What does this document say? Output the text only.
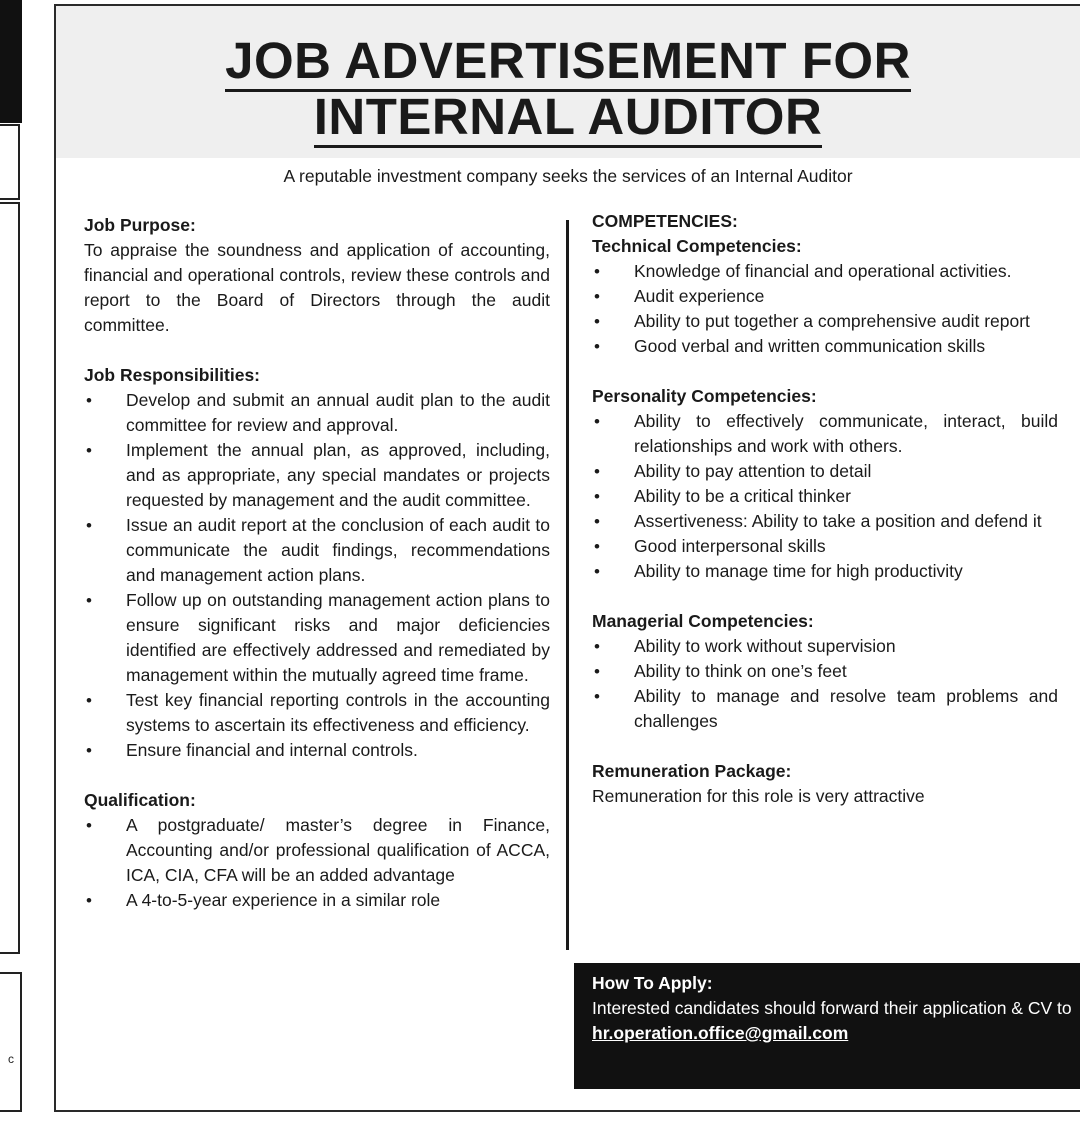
c
JOB ADVERTISEMENT FOR
INTERNAL AUDITOR
A reputable investment company seeks the services of an Internal Auditor
Job Purpose:

To appraise the soundness and application of accounting, financial and operational controls, review these controls and report to the Board of Directors through the audit committee.

Job Responsibilities:
• Develop and submit an annual audit plan to the audit committee for review and approval.
• Implement the annual plan, as approved, including, and as appropriate, any special mandates or projects requested by management and the audit committee.
• Issue an audit report at the conclusion of each audit to communicate the audit findings, recommendations and management action plans.
• Follow up on outstanding management action plans to ensure significant risks and major deficiencies identified are effectively addressed and remediated by management within the mutually agreed time frame.
• Test key financial reporting controls in the accounting systems to ascertain its effectiveness and efficiency.
• Ensure financial and internal controls.
Qualification:
• A postgraduate/ master’s degree in Finance, Accounting and/or professional qualification of ACCA, ICA, CIA, CFA will be an added advantage
• A 4-to-5-year experience in a similar role
COMPETENCIES:
Technical Competencies:
• Knowledge of financial and operational activities.
• Audit experience
• Ability to put together a comprehensive audit report
• Good verbal and written communication skills
Personality Competencies:
• Ability to effectively communicate, interact, build relationships and work with others.
• Ability to pay attention to detail
• Ability to be a critical thinker
• Assertiveness: Ability to take a position and defend it
• Good interpersonal skills
• Ability to manage time for high productivity
Managerial Competencies:
• Ability to work without supervision
• Ability to think on one’s feet
• Ability to manage and resolve team problems and challenges
Remuneration Package:

Remuneration for this role is very attractive

How To Apply:
Interested candidates should forward their application & CV to
hr.operation.office@gmail.com
